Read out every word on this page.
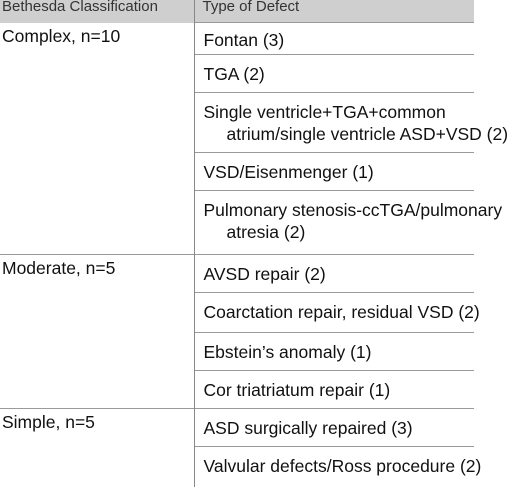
Bethesda Classification	Type of Defect
Complex, n=10	Fontan (3)

	TGA (2)

	Single ventricle+TGA+common
atrium/single ventricle ASD+VSD (2)

	VSD/Eisenmenger (1)

	Pulmonary stenosis-ccTGA/pulmonary
atresia (2)

Moderate, n=5	AVSD repair (2)

	Coarctation repair, residual VSD (2)

	Ebstein’s anomaly (1)

	Cor triatriatum repair (1)

Simple, n=5	ASD surgically repaired (3)

	Valvular defects/Ross procedure (2)
